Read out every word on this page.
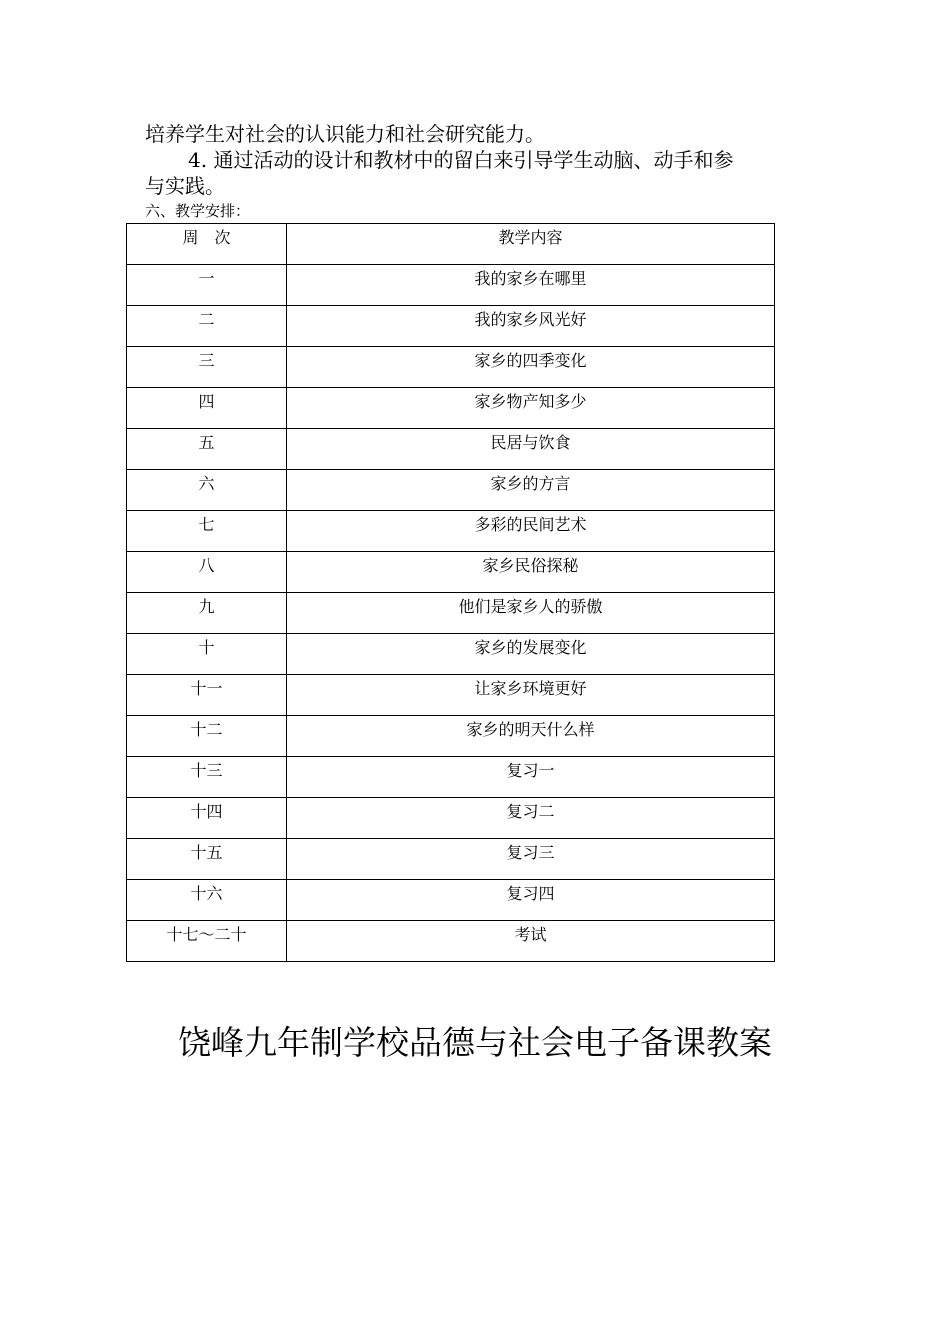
培养学生对社会的认识能力和社会研究能力。
4. 通过活动的设计和教材中的留白来引导学生动脑、动手和参
与实践。
六、教学安排：
周　次	教学内容

一	我的家乡在哪里

二	我的家乡风光好

三	家乡的四季变化

四	家乡物产知多少

五	民居与饮食

六	家乡的方言

七	多彩的民间艺术

八	家乡民俗探秘

九	他们是家乡人的骄傲

十	家乡的发展变化

十一	让家乡环境更好

十二	家乡的明天什么样

十三	复习一

十四	复习二

十五	复习三

十六	复习四

十七～二十	考试
饶峰九年制学校品德与社会电子备课教案
